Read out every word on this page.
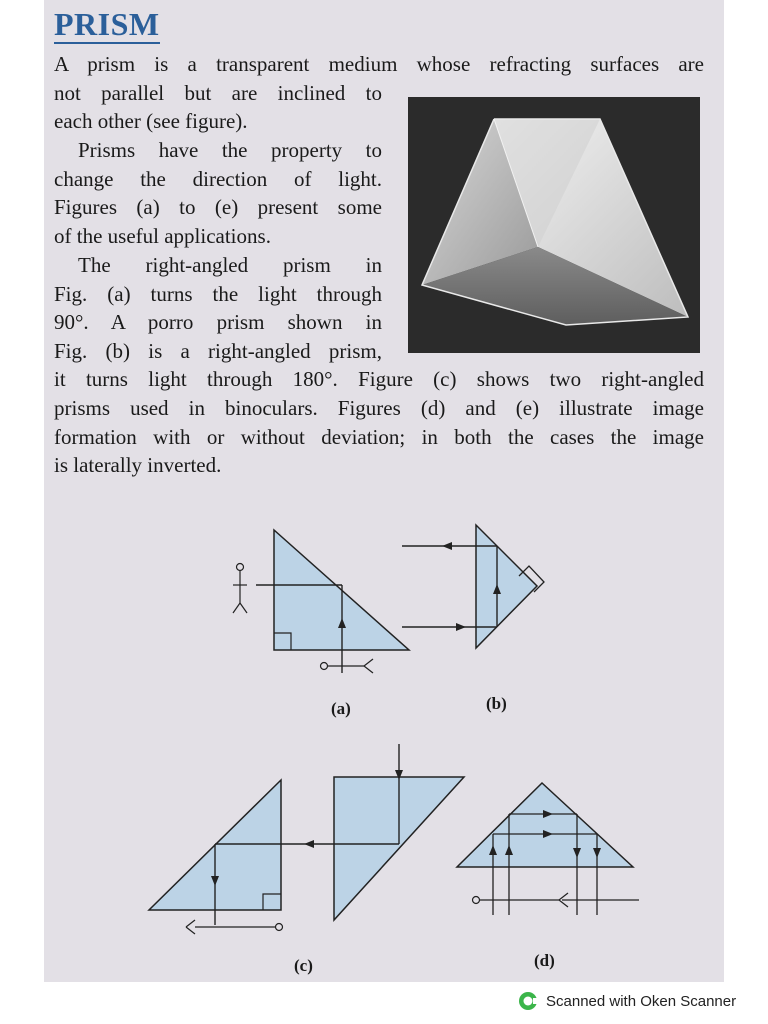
PRISM
A prism is a transparent medium whose refracting surfaces are
not parallel but are inclined to
each other (see figure).
Prisms have the property to
change the direction of light.
Figures (a) to (e) present some
of the useful applications.
The right-angled prism in
Fig. (a) turns the light through
90°. A porro prism shown in
Fig. (b) is a right-angled prism,
it turns light through 180°. Figure (c) shows two right-angled
prisms used in binoculars. Figures (d) and (e) illustrate image
formation with or without deviation; in both the cases the image
is laterally inverted.
(a)	(b)
(c)	(d)
Scanned with Oken Scanner
